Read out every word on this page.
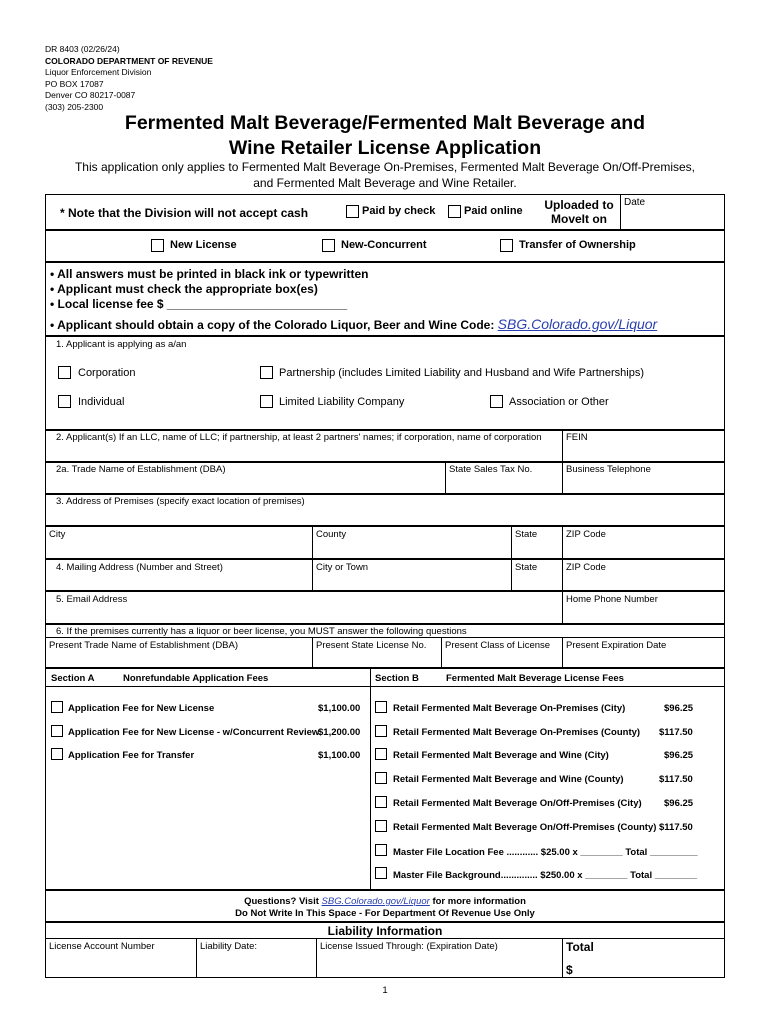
DR 8403 (02/26/24)
COLORADO DEPARTMENT OF REVENUE
Liquor Enforcement Division
PO BOX 17087
Denver CO 80217-0087
(303) 205-2300
Fermented Malt Beverage/Fermented Malt Beverage and
Wine Retailer License Application
This application only applies to Fermented Malt Beverage On-Premises, Fermented Malt Beverage On/Off-Premises,
and Fermented Malt Beverage and Wine Retailer.
* Note that the Division will not accept cash	Paid by check	Paid online Uploaded to
MoveIt on
Date
New License	New-Concurrent	Transfer of Ownership
• All answers must be printed in black ink or typewritten
• Applicant must check the appropriate box(es)
• Local license fee $ ___________________________
• Applicant should obtain a copy of the Colorado Liquor, Beer and Wine Code: SBG.Colorado.gov/Liquor
1. Applicant is applying as a/an
Corporation	Partnership (includes Limited Liability and Husband and Wife Partnerships)
Individual	Limited Liability Company	Association or Other
2. Applicant(s) If an LLC, name of LLC; if partnership, at least 2 partners' names; if corporation, name of corporation	FEIN
2a. Trade Name of Establishment (DBA)	State Sales Tax No.	Business Telephone
3. Address of Premises (specify exact location of premises)
City	County	State	ZIP Code
4. Mailing Address (Number and Street)	City or Town	State	ZIP Code
5. Email Address	Home Phone Number
6. If the premises currently has a liquor or beer license, you MUST answer the following questions
Present Trade Name of Establishment (DBA)	Present State License No. Present Class of License Present Expiration Date
Section A	Nonrefundable Application Fees	Section B	Fermented Malt Beverage License Fees
Application Fee for New License	$1,100.00
Application Fee for New License - w/Concurrent Review
$1,200.00
Application Fee for Transfer	$1,100.00
Retail Fermented Malt Beverage On-Premises (City)	$96.25
Retail Fermented Malt Beverage On-Premises (County) $117.50
Retail Fermented Malt Beverage and Wine (City)	$96.25
Retail Fermented Malt Beverage and Wine (County)	$117.50
Retail Fermented Malt Beverage On/Off-Premises (City) $96.25
Retail Fermented Malt Beverage On/Off-Premises (County) $117.50
Master File Location Fee ............ $25.00 x ________ Total _________
Master File Background.............. $250.00 x ________ Total ________
Questions? Visit SBG.Colorado.gov/Liquor for more information
Do Not Write In This Space - For Department Of Revenue Use Only
Liability Information
License Account Number	Liability Date:	License Issued Through: (Expiration Date)	Total
$
1
